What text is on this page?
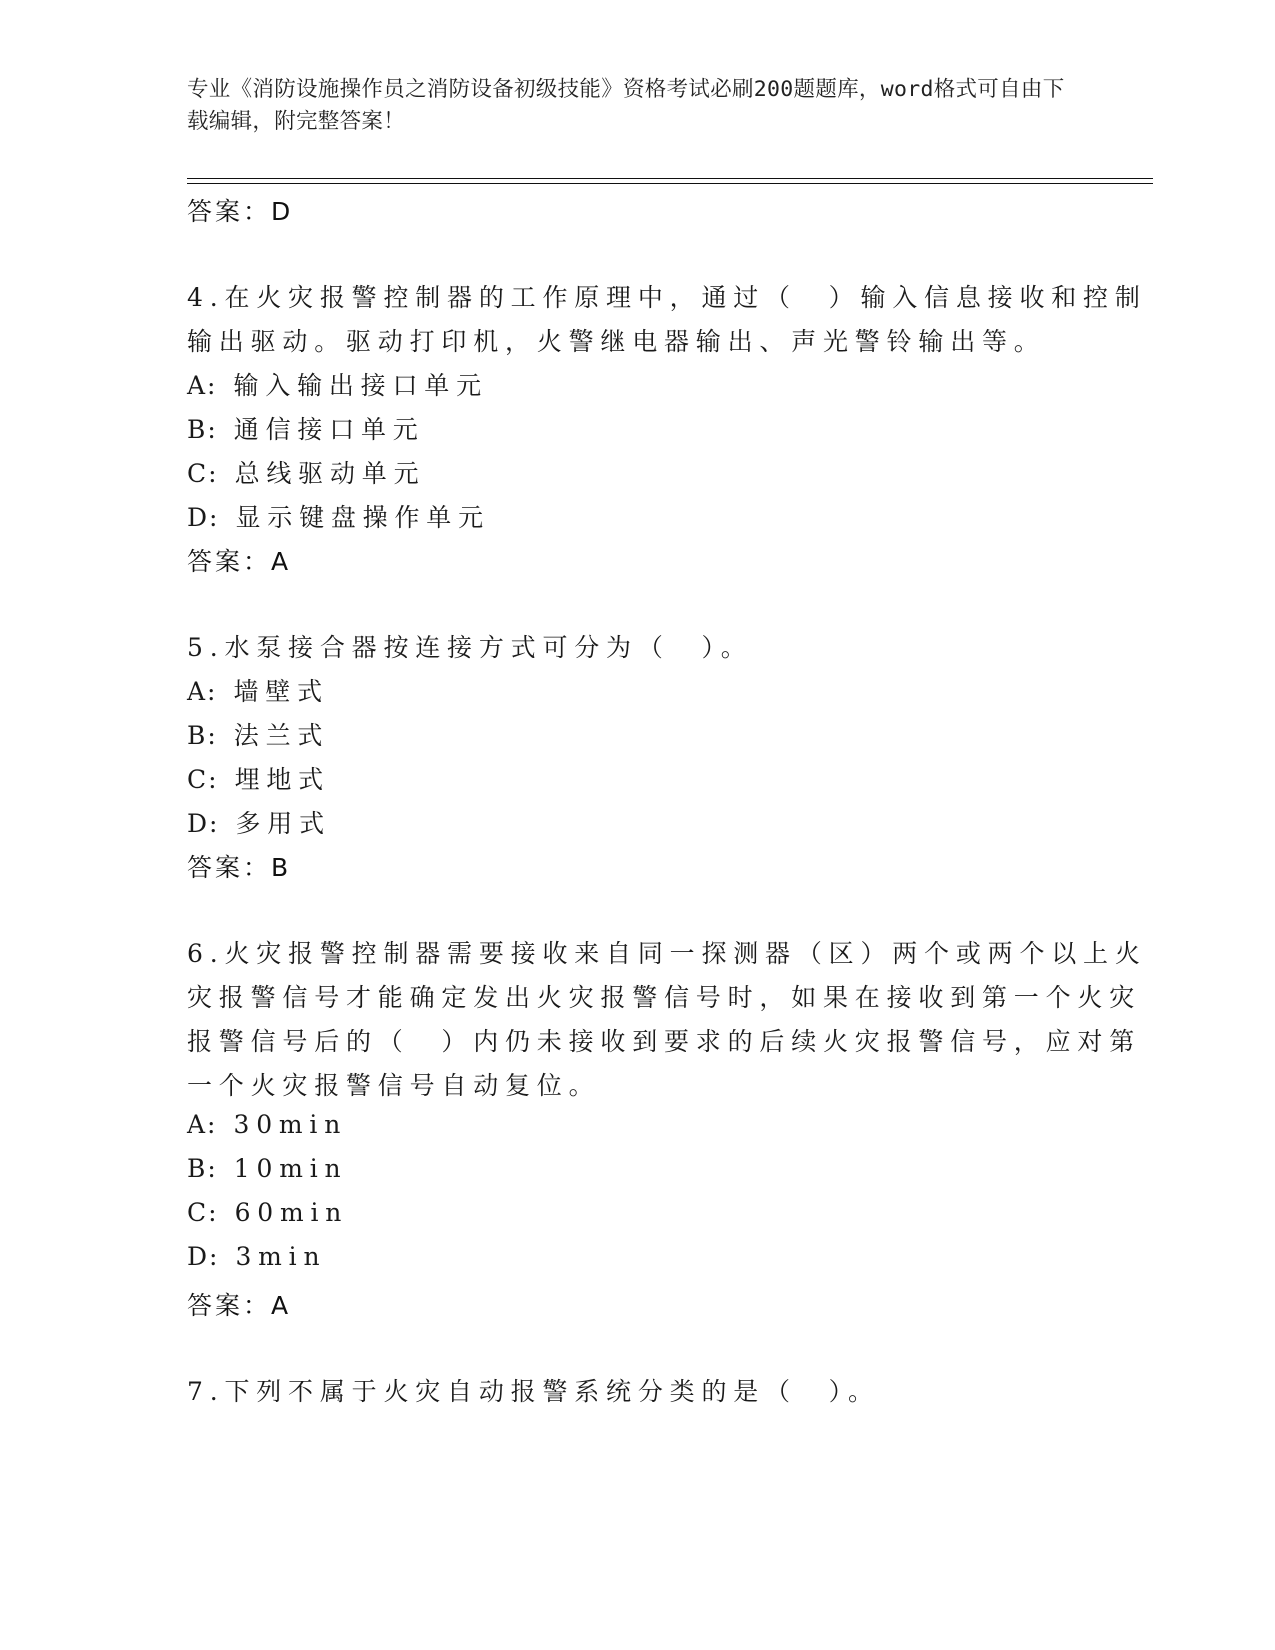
专业《消防设施操作员之消防设备初级技能》资格考试必刷200题题库，word格式可自由下载编辑，附完整答案！
答案：D
4.在火灾报警控制器的工作原理中，通过（　）输入信息接收和控制
输出驱动。驱动打印机，火警继电器输出、声光警铃输出等。
A: 输入输出接口单元
B: 通信接口单元
C: 总线驱动单元
D: 显示键盘操作单元
答案：A
5.水泵接合器按连接方式可分为（　）。
A: 墙壁式
B: 法兰式
C: 埋地式
D: 多用式
答案：B
6.火灾报警控制器需要接收来自同一探测器（区）两个或两个以上火
灾报警信号才能确定发出火灾报警信号时，如果在接收到第一个火灾
报警信号后的（　）内仍未接收到要求的后续火灾报警信号，应对第
一个火灾报警信号自动复位。
A: 30min
B: 10min
C: 60min
D: 3min
答案：A
7.下列不属于火灾自动报警系统分类的是（　）。
